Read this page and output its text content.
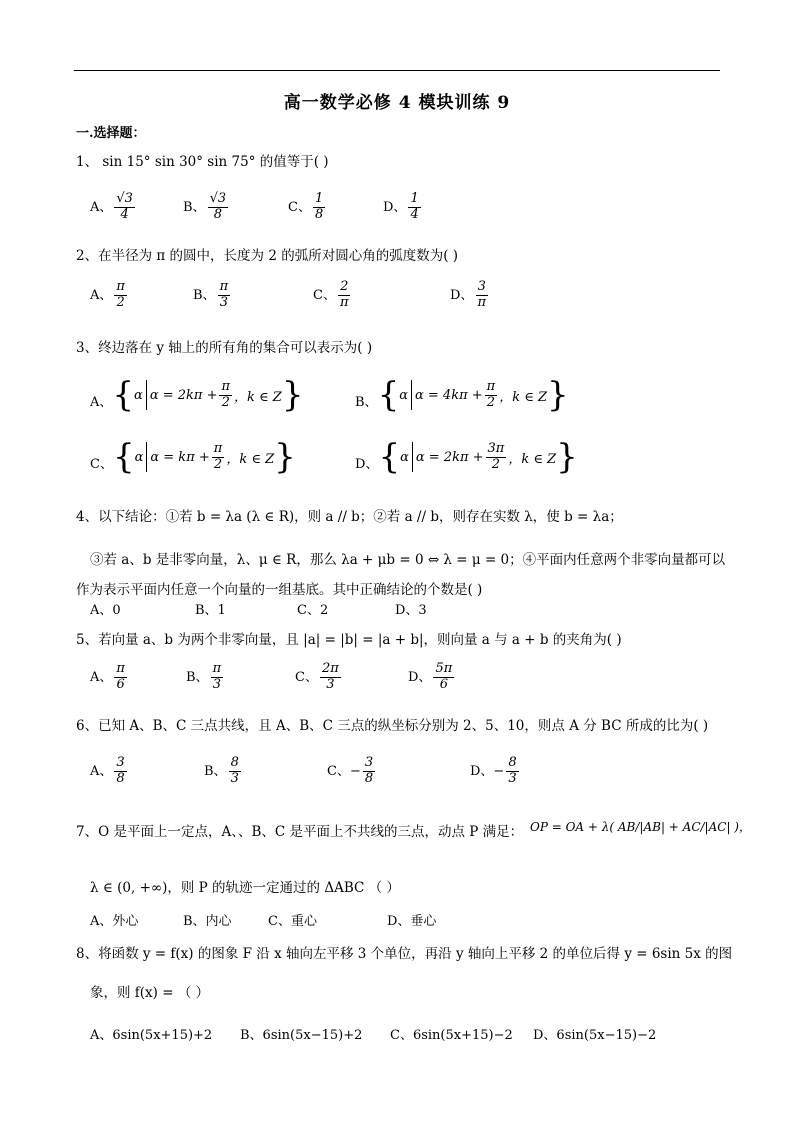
高一数学必修 4 模块训练 9
一.选择题：
1、 sin 15° sin 30° sin 75° 的值等于( )
A、 $\frac{√3}{4}$	B、 $\frac{√3}{8}$	C、 $\frac{1}{8}$	D、 $\frac{1}{4}$
2、在半径为 π 的圆中，长度为 2 的弧所对圆心角的弧度数为( )
A、 $\frac{\pi}{2}$	B、 $\frac{\pi}{3}$	C、 $\frac{2}{\pi}$	D、 $\frac{3}{\pi}$
3、终边落在 y 轴上的所有角的集合可以表示为( )
A、 { α $\alpha = 2k\pi + \frac{\pi}{2}$ ，k ∈ Z }	B、 { α $\alpha = 4k\pi + \frac{\pi}{2}$ ，k ∈ Z }
C、 { α $\alpha = k\pi + \frac{\pi}{2}$ ，k ∈ Z }	D、 { α $\alpha = 2k\pi + \frac{3\pi}{2}$ ，k ∈ Z }
4、以下结论：①若 b = λa (λ ∈ R)，则 a // b；②若 a // b，则存在实数 λ，使 b = λa；
③若 a、b 是非零向量，λ、μ ∈ R，那么 λa + μb = 0 ⇔ λ = μ = 0；④平面内任意两个非零向量都可以
作为表示平面内任意一个向量的一组基底。其中正确结论的个数是( )
A、0	B、1	C、2	D、3
5、若向量 a、b 为两个非零向量，且 |a| = |b| = |a + b|，则向量 a 与 a + b 的夹角为( )
A、 $\frac{\pi}{6}$	B、 $\frac{\pi}{3}$	C、 $\frac{2\pi}{3}$	D、 $\frac{5\pi}{6}$
6、已知 A、B、C 三点共线，且 A、B、C 三点的纵坐标分别为 2、5、10，则点 A 分 BC 所成的比为( )
A、 $\frac{3}{8}$	B、 $\frac{8}{3}$	C、− $\frac{3}{8}$	D、− $\frac{8}{3}$
7、O 是平面上一定点，A、、B、C 是平面上不共线的三点，动点 P 满足： OP = OA + λ( AB/|AB| + AC/|AC| )，
λ ∈ (0, +∞)，则 P 的轨迹一定通过的 ΔABC （ ）
A、外心	B、内心	C、重心	D、垂心
8、将函数 y = f(x) 的图象 F 沿 x 轴向左平移 3 个单位，再沿 y 轴向上平移 2 的单位后得 y = 6sin 5x 的图
象，则 f(x) = （ ）
A、6sin(5x+15)+2 B、6sin(5x−15)+2 C、6sin(5x+15)−2 D、6sin(5x−15)−2
